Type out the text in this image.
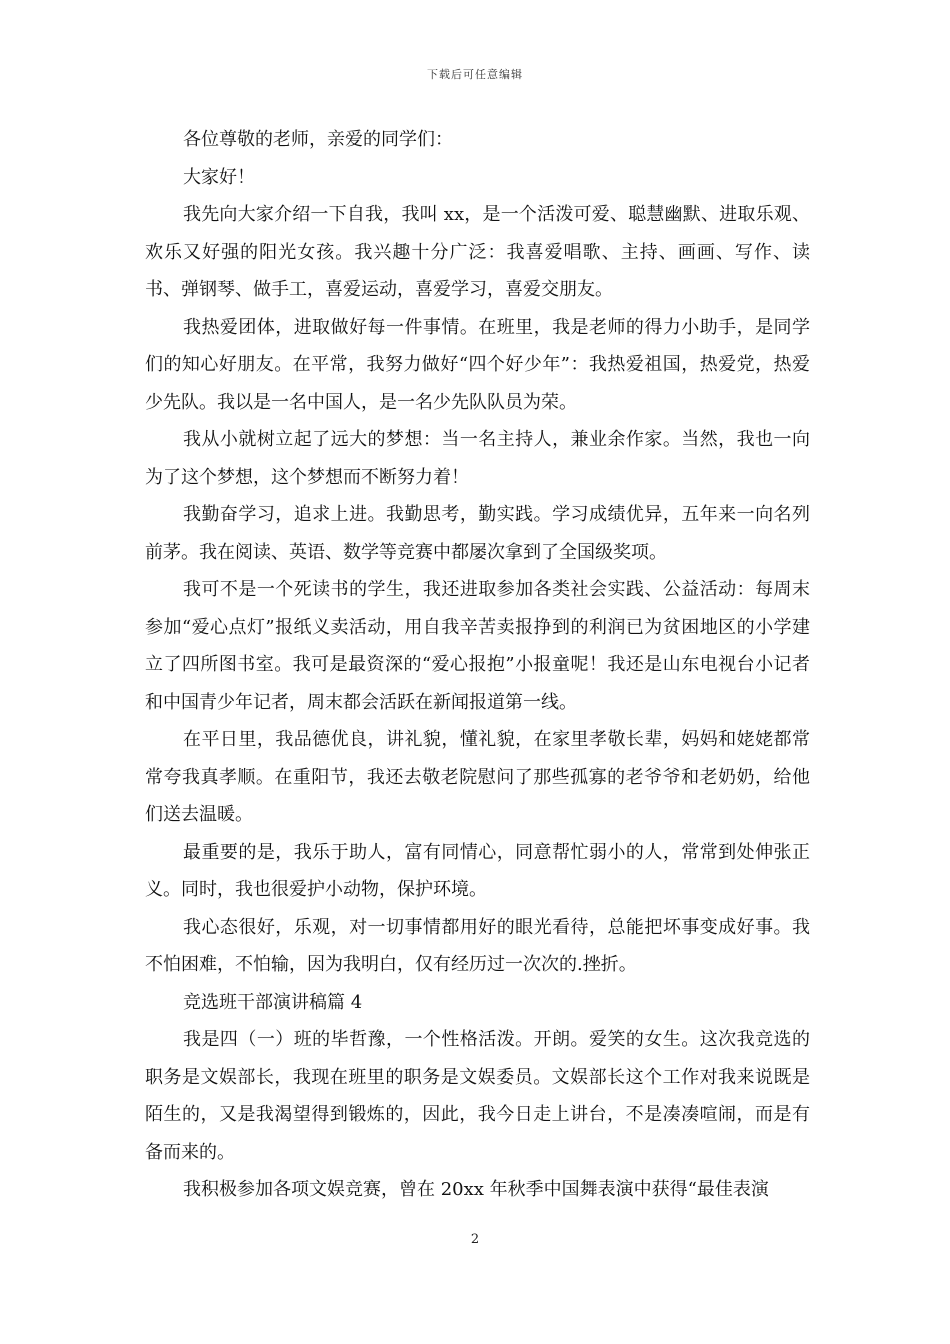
下载后可任意编辑

各位尊敬的老师，亲爱的同学们：

大家好！

我先向大家介绍一下自我，我叫 xx，是一个活泼可爱、聪慧幽默、进取乐观、欢乐又好强的阳光女孩。我兴趣十分广泛：我喜爱唱歌、主持、画画、写作、读书、弹钢琴、做手工，喜爱运动，喜爱学习，喜爱交朋友。

我热爱团体，进取做好每一件事情。在班里，我是老师的得力小助手，是同学们的知心好朋友。在平常，我努力做好“四个好少年”：我热爱祖国，热爱党，热爱少先队。我以是一名中国人，是一名少先队队员为荣。

我从小就树立起了远大的梦想：当一名主持人，兼业余作家。当然，我也一向为了这个梦想，这个梦想而不断努力着！

我勤奋学习，追求上进。我勤思考，勤实践。学习成绩优异，五年来一向名列前茅。我在阅读、英语、数学等竞赛中都屡次拿到了全国级奖项。

我可不是一个死读书的学生，我还进取参加各类社会实践、公益活动：每周末参加“爱心点灯”报纸义卖活动，用自我辛苦卖报挣到的利润已为贫困地区的小学建立了四所图书室。我可是最资深的“爱心报抱”小报童呢！我还是山东电视台小记者和中国青少年记者，周末都会活跃在新闻报道第一线。

在平日里，我品德优良，讲礼貌，懂礼貌，在家里孝敬长辈，妈妈和姥姥都常常夸我真孝顺。在重阳节，我还去敬老院慰问了那些孤寡的老爷爷和老奶奶，给他们送去温暖。

最重要的是，我乐于助人，富有同情心，同意帮忙弱小的人，常常到处伸张正义。同时，我也很爱护小动物，保护环境。

我心态很好，乐观，对一切事情都用好的眼光看待，总能把坏事变成好事。我不怕困难，不怕输，因为我明白，仅有经历过一次次的.挫折。

竞选班干部演讲稿篇 4

我是四（一）班的毕哲豫，一个性格活泼。开朗。爱笑的女生。这次我竞选的职务是文娱部长，我现在班里的职务是文娱委员。文娱部长这个工作对我来说既是陌生的，又是我渴望得到锻炼的，因此，我今日走上讲台，不是凑凑喧闹，而是有备而来的。

我积极参加各项文娱竞赛，曾在 20xx 年秋季中国舞表演中获得“最佳表演

2
